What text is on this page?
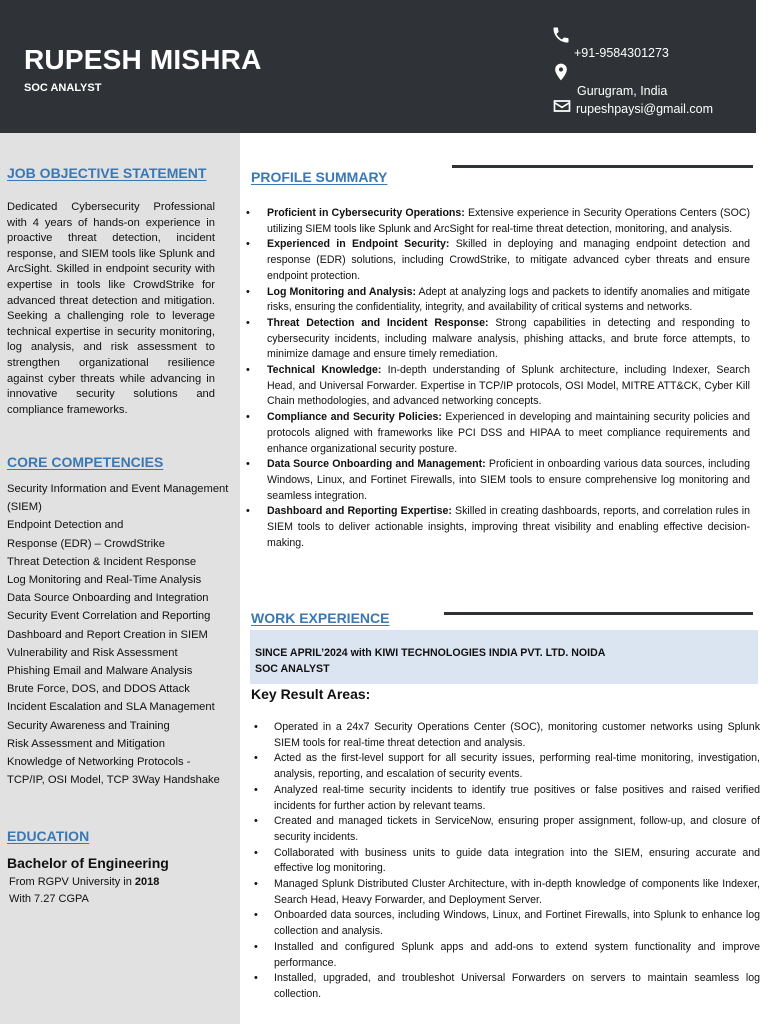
RUPESH MISHRA
SOC ANALYST
+91-9584301273
Gurugram, India
rupeshpaysi@gmail.com
JOB OBJECTIVE STATEMENT
Dedicated Cybersecurity Professional with 4 years of hands-on experience in proactive threat detection, incident response, and SIEM tools like Splunk and ArcSight. Skilled in endpoint security with expertise in tools like CrowdStrike for advanced threat detection and mitigation. Seeking a challenging role to leverage technical expertise in security monitoring, log analysis, and risk assessment to strengthen organizational resilience against cyber threats while advancing in innovative security solutions and compliance frameworks.
CORE COMPETENCIES
Security Information and Event Management (SIEM)
Endpoint Detection and
Response (EDR) – CrowdStrike
Threat Detection & Incident Response
Log Monitoring and Real-Time Analysis
Data Source Onboarding and Integration
Security Event Correlation and Reporting
Dashboard and Report Creation in SIEM
Vulnerability and Risk Assessment
Phishing Email and Malware Analysis
Brute Force, DOS, and DDOS Attack
Incident Escalation and SLA Management
Security Awareness and Training
Risk Assessment and Mitigation
Knowledge of Networking Protocols -
TCP/IP, OSI Model, TCP 3Way Handshake
EDUCATION
Bachelor of Engineering
From RGPV University in 2018
With 7.27 CGPA
PROFILE SUMMARY
• Proficient in Cybersecurity Operations: Extensive experience in Security Operations Centers (SOC) utilizing SIEM tools like Splunk and ArcSight for real-time threat detection, monitoring, and analysis.
• Experienced in Endpoint Security: Skilled in deploying and managing endpoint detection and response (EDR) solutions, including CrowdStrike, to mitigate advanced cyber threats and ensure endpoint protection.
• Log Monitoring and Analysis: Adept at analyzing logs and packets to identify anomalies and mitigate risks, ensuring the confidentiality, integrity, and availability of critical systems and networks.
• Threat Detection and Incident Response: Strong capabilities in detecting and responding to cybersecurity incidents, including malware analysis, phishing attacks, and brute force attempts, to minimize damage and ensure timely remediation.
• Technical Knowledge: In-depth understanding of Splunk architecture, including Indexer, Search Head, and Universal Forwarder. Expertise in TCP/IP protocols, OSI Model, MITRE ATT&CK, Cyber Kill Chain methodologies, and advanced networking concepts.
• Compliance and Security Policies: Experienced in developing and maintaining security policies and protocols aligned with frameworks like PCI DSS and HIPAA to meet compliance requirements and enhance organizational security posture.
• Data Source Onboarding and Management: Proficient in onboarding various data sources, including Windows, Linux, and Fortinet Firewalls, into SIEM tools to ensure comprehensive log monitoring and seamless integration.
• Dashboard and Reporting Expertise: Skilled in creating dashboards, reports, and correlation rules in SIEM tools to deliver actionable insights, improving threat visibility and enabling effective decision-making.
WORK EXPERIENCE
SINCE APRIL’2024 with KIWI TECHNOLOGIES INDIA PVT. LTD. NOIDA
SOC ANALYST
Key Result Areas:
• Operated in a 24x7 Security Operations Center (SOC), monitoring customer networks using Splunk SIEM tools for real-time threat detection and analysis.
• Acted as the first-level support for all security issues, performing real-time monitoring, investigation, analysis, reporting, and escalation of security events.
• Analyzed real-time security incidents to identify true positives or false positives and raised verified incidents for further action by relevant teams.
• Created and managed tickets in ServiceNow, ensuring proper assignment, follow-up, and closure of security incidents.
• Collaborated with business units to guide data integration into the SIEM, ensuring accurate and effective log monitoring.
• Managed Splunk Distributed Cluster Architecture, with in-depth knowledge of components like Indexer, Search Head, Heavy Forwarder, and Deployment Server.
• Onboarded data sources, including Windows, Linux, and Fortinet Firewalls, into Splunk to enhance log collection and analysis.
• Installed and configured Splunk apps and add-ons to extend system functionality and improve performance.
• Installed, upgraded, and troubleshot Universal Forwarders on servers to maintain seamless log collection.
